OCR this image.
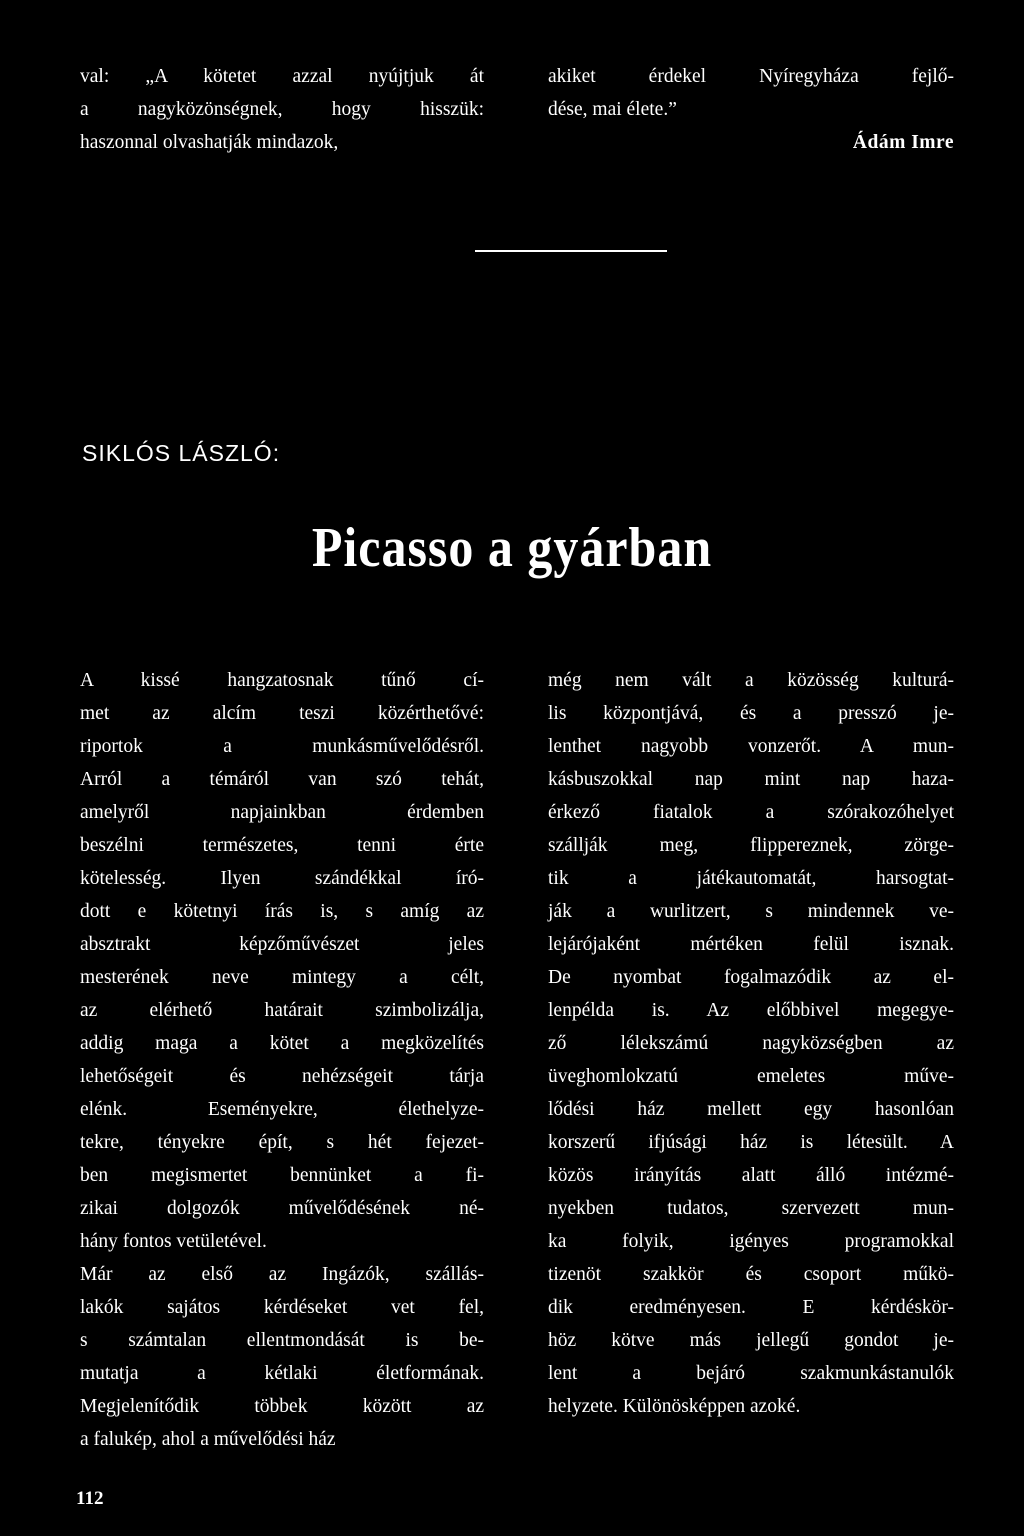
val: „A kötetet azzal nyújtjuk át
a nagyközönségnek, hogy hisszük:
haszonnal olvashatják mindazok,
akiket érdekel Nyíregyháza fejlő-
dése, mai élete.”
Ádám Imre
SIKLÓS LÁSZLÓ:
Picasso a gyárban
A kissé hangzatosnak tűnő cí-
met az alcím teszi közérthetővé:
riportok a munkásművelődésről.
Arról a témáról van szó tehát,
amelyről napjainkban érdemben
beszélni természetes, tenni érte
kötelesség. Ilyen szándékkal író-
dott e kötetnyi írás is, s amíg az
absztrakt képzőművészet jeles
mesterének neve mintegy a célt,
az elérhető határait szimbolizálja,
addig maga a kötet a megközelítés
lehetőségeit és nehézségeit tárja
elénk. Eseményekre, élethelyze-
tekre, tényekre épít, s hét fejezet-
ben megismertet bennünket a fi-
zikai dolgozók művelődésének né-
hány fontos vetületével.
Már az első az Ingázók, szállás-
lakók sajátos kérdéseket vet fel,
s számtalan ellentmondását is be-
mutatja a kétlaki életformának.
Megjelenítődik többek között az
a falukép, ahol a művelődési ház
még nem vált a közösség kulturá-
lis központjává, és a presszó je-
lenthet nagyobb vonzerőt. A mun-
kásbuszokkal nap mint nap haza-
érkező fiatalok a szórakozóhelyet
szállják meg, flippereznek, zörge-
tik a játékautomatát, harsogtat-
ják a wurlitzert, s mindennek ve-
lejárójaként mértéken felül isznak.
De nyombat fogalmazódik az el-
lenpélda is. Az előbbivel megegye-
ző lélekszámú nagyközségben az
üveghomlokzatú emeletes műve-
lődési ház mellett egy hasonlóan
korszerű ifjúsági ház is létesült. A
közös irányítás alatt álló intézmé-
nyekben tudatos, szervezett mun-
ka folyik, igényes programokkal
tizenöt szakkör és csoport műkö-
dik eredményesen. E kérdéskör-
höz kötve más jellegű gondot je-
lent a bejáró szakmunkástanulók
helyzete. Különösképpen azoké.
112
